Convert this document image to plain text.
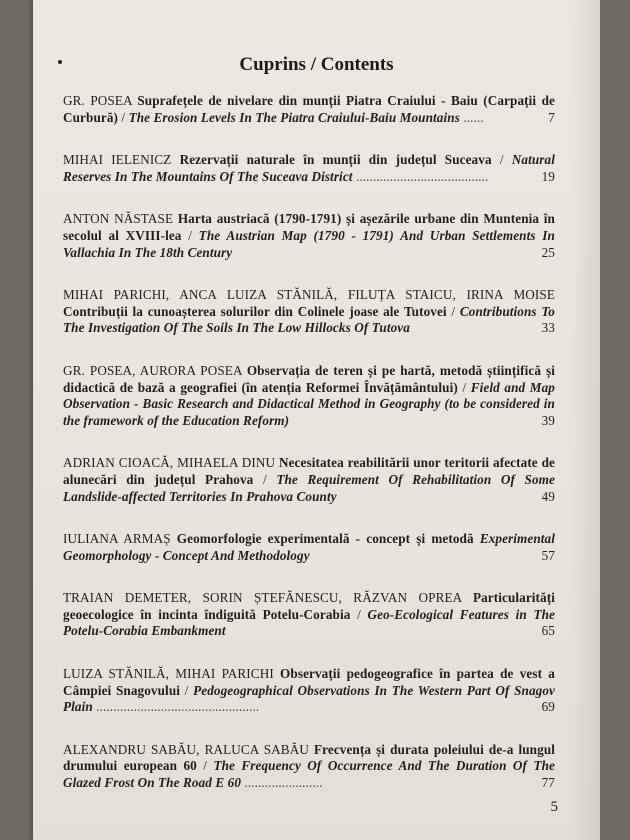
Cuprins / Contents
GR. POSEA Suprafețele de nivelare din munții Piatra Craiului - Baiu (Carpații de Curbură) / The Erosion Levels In The Piatra Craiului-Baiu Mountains ......	7
MIHAI IELENICZ Rezervații naturale în munții din județul Suceava / Natural Reserves In The Mountains Of The Suceava District .......................................	19
ANTON NĂSTASE Harta austriacă (1790-1791) și așezările urbane din Muntenia în secolul al XVIII-lea / The Austrian Map (1790 - 1791) And Urban Settlements In Vallachia In The 18th Century	25
MIHAI PARICHI, ANCA LUIZA STĂNILĂ, FILUȚA STAICU, IRINA MOISE Contribuții la cunoașterea solurilor din Colinele joase ale Tutovei / Contributions To The Investigation Of The Soils In The Low Hillocks Of Tutova	33
GR. POSEA, AURORA POSEA Observația de teren și pe hartă, metodă științifică și didactică de bază a geografiei (în atenția Reformei Învățământului) / Field and Map Observation - Basic Research and Didactical Method in Geography (to be considered in the framework of the Education Reform)	39
ADRIAN CIOACĂ, MIHAELA DINU Necesitatea reabilitării unor teritorii afectate de alunecări din județul Prahova / The Requirement Of Rehabilitation Of Some Landslide-affected Territories In Prahova County	49
IULIANA ARMAȘ Geomorfologie experimentală - concept și metodă Experimental Geomorphology - Concept And Methodology	57
TRAIAN DEMETER, SORIN ȘTEFĂNESCU, RĂZVAN OPREA Particularități geoecologice în incinta îndiguită Potelu-Corabia / Geo-Ecological Features in The Potelu-Corabia Embankment	65
LUIZA STĂNILĂ, MIHAI PARICHI Observații pedogeografice în partea de vest a Câmpiei Snagovului / Pedogeographical Observations In The Western Part Of Snagov Plain ................................................	69
ALEXANDRU SABĂU, RALUCA SABĂU Frecvența și durata poleiului de-a lungul drumului european 60 / The Frequency Of Occurrence And The Duration Of The Glazed Frost On The Road E 60 .......................	77
5
